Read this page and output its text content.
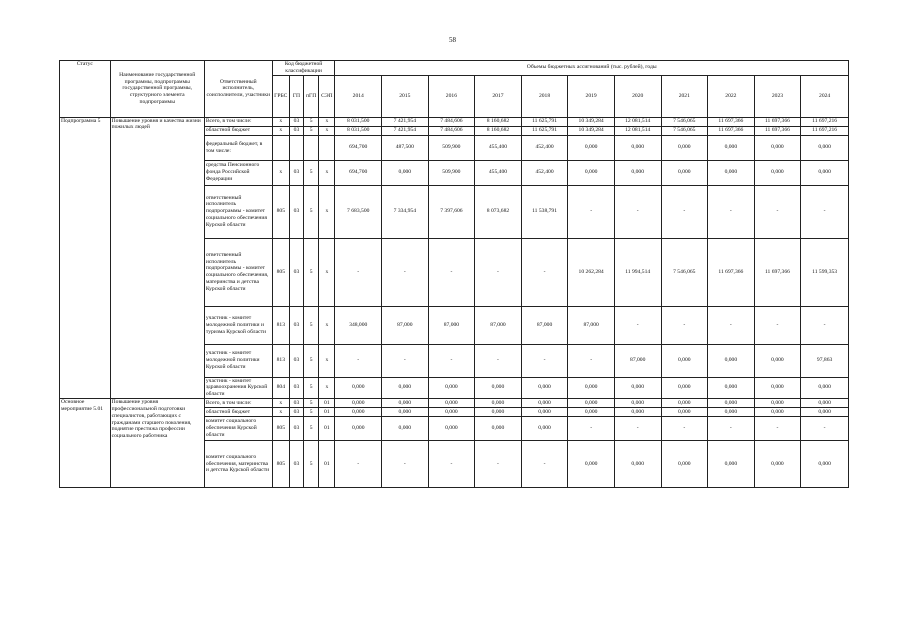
58
Статус	Наименование государственной программы, подпрограммы государственной программы, структурного элемента подпрограммы	Ответственный исполнитель, соисполнители, участники	Код бюджетной классификации				Объемы бюджетных ассигнований (тыс. рублей), годы										
			ГРБС	ГП	пГП	СЭП	2014	2015	2016	2017	2018	2019	2020	2021	2022	2023	2024
Подпрограмма 5	Повышение уровня и качества жизни пожилых людей	Всего, в том числе:	x	03	5	x	8 031,500	7 421,954	7 484,606	8 160,682	11 625,791	10 349,284	12 081,514	7 546,065	11 697,366	11 697,366	11 697,216
		областной бюджет	x	03	5	x	8 031,500	7 421,954	7 484,606	8 160,682	11 625,791	10 349,284	12 081,514	7 546,065	11 697,366	11 697,366	11 697,216
		федеральный бюджет, в том числе:					694,700	487,500	509,900	455,400	452,400	0,000	0,000	0,000	0,000	0,000	0,000
		средства Пенсионного фонда Российской Федерации	x	03	5	x	694,700	0,000	509,900	455,400	452,400	0,000	0,000	0,000	0,000	0,000	0,000
		ответственный исполнитель подпрограммы - комитет социального обеспечения Курской области	805	03	5	x	7 683,500	7 334,954	7 397,606	8 073,682	11 538,791	-	-	-	-	-	-
		ответственный исполнитель подпрограммы - комитет социального обеспечения, материнства и детства Курской области	805	03	5	x	-	-	-	-	-	10 262,284	11 994,514	7 546,065	11 697,366	11 697,366	11 599,353
		участник - комитет молодежной политики и туризма Курской области	813	03	5	x	348,000	87,000	87,000	87,000	87,000	87,000	-	-	-	-	-
		участник - комитет молодежной политики Курской области	813	03	5	x	-	-	-	-	-	-	87,000	0,000	0,000	0,000	97,863
		участник - комитет здравоохранения Курской области	804	03	5	x	0,000	0,000	0,000	0,000	0,000	0,000	0,000	0,000	0,000	0,000	0,000
Основное мероприятие 5.01	Повышение уровня профессиональной подготовки специалистов, работающих с гражданами старшего поколения, поднятие престижа профессии социального работника	Всего, в том числе:	x	03	5	01	0,000	0,000	0,000	0,000	0,000	0,000	0,000	0,000	0,000	0,000	0,000
		областной бюджет	x	03	5	01	0,000	0,000	0,000	0,000	0,000	0,000	0,000	0,000	0,000	0,000	0,000
		комитет социального обеспечения Курской области	805	03	5	01	0,000	0,000	0,000	0,000	0,000	-	-	-	-	-	-
		комитет социального обеспечения, материнства и детства Курской области	805	03	5	01	-	-	-	-	-	0,000	0,000	0,000	0,000	0,000	0,000
